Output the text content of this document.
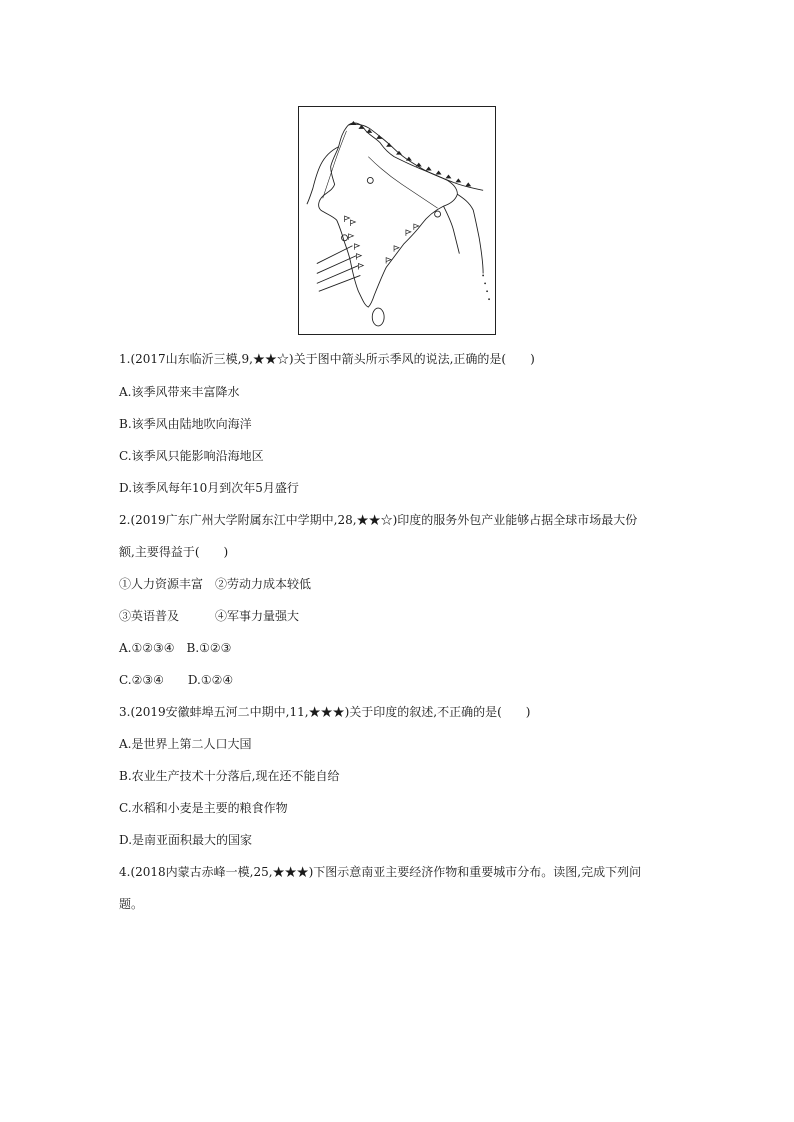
1.(2017山东临沂三模,9,★★☆)关于图中箭头所示季风的说法,正确的是(　　)
A.该季风带来丰富降水
B.该季风由陆地吹向海洋
C.该季风只能影响沿海地区
D.该季风每年10月到次年5月盛行
2.(2019广东广州大学附属东江中学期中,28,★★☆)印度的服务外包产业能够占据全球市场最大份
额,主要得益于(　　)
①人力资源丰富　②劳动力成本较低
③英语普及　　　④军事力量强大
A.①②③④　B.①②③
C.②③④　　D.①②④
3.(2019安徽蚌埠五河二中期中,11,★★★)关于印度的叙述,不正确的是(　　)
A.是世界上第二人口大国
B.农业生产技术十分落后,现在还不能自给
C.水稻和小麦是主要的粮食作物
D.是南亚面积最大的国家
4.(2018内蒙古赤峰一模,25,★★★)下图示意南亚主要经济作物和重要城市分布。读图,完成下列问
题。
